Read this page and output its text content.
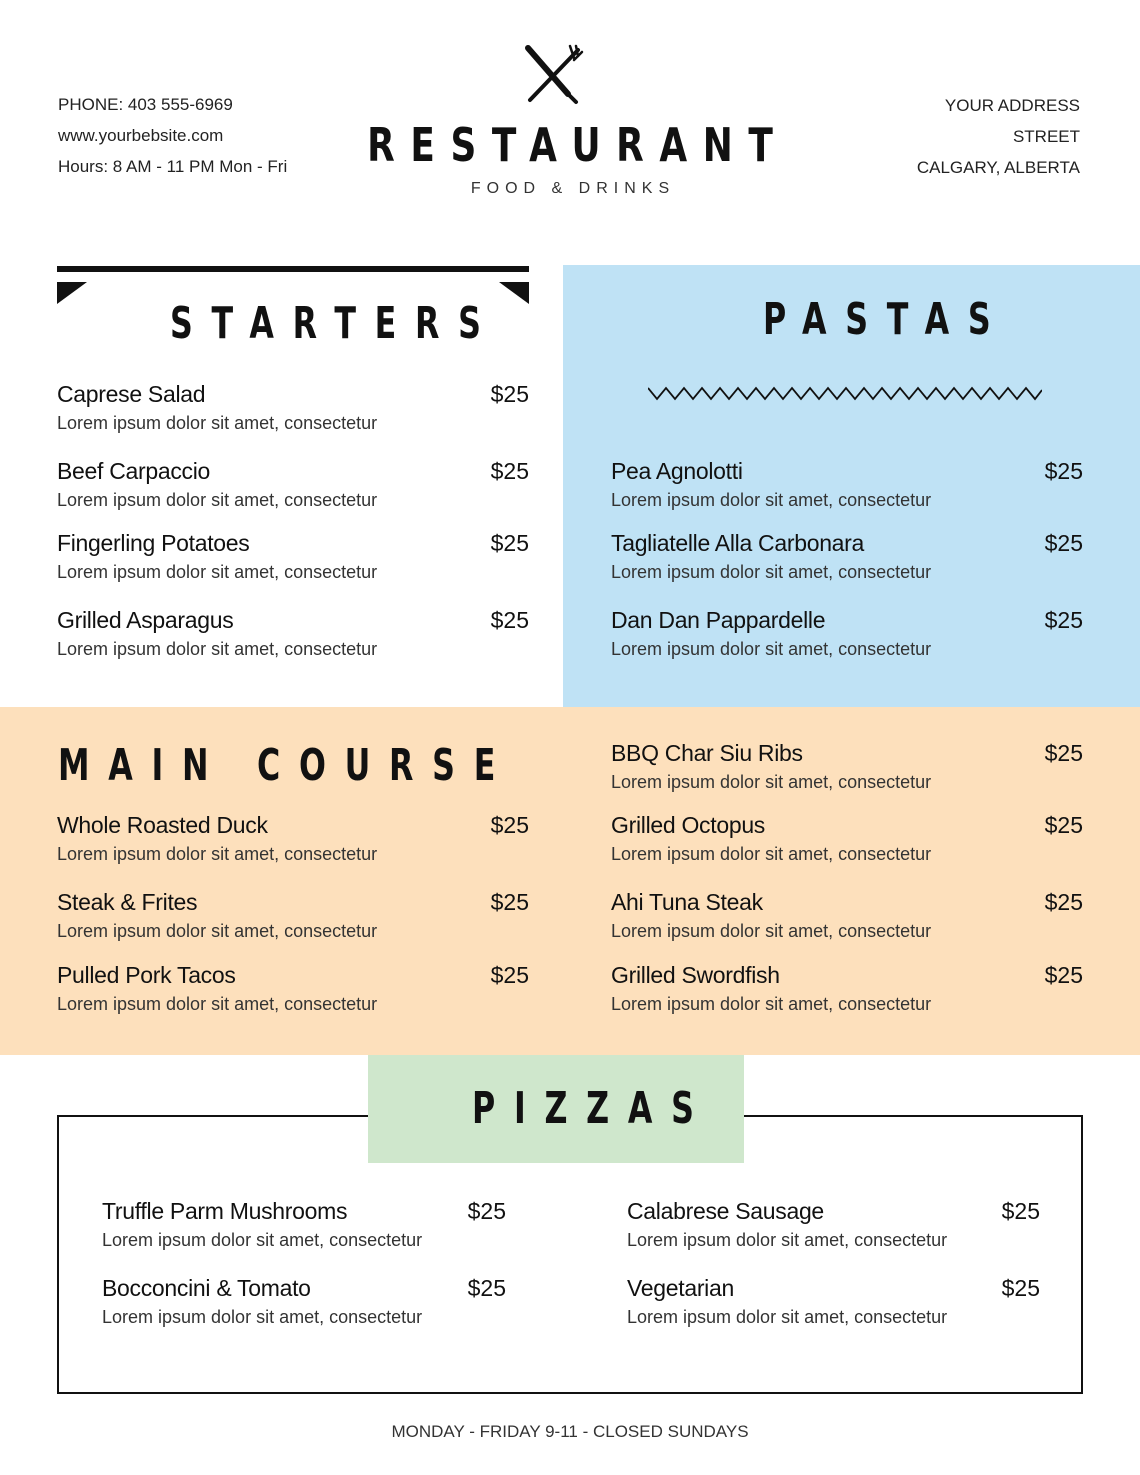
PHONE: 403 555-6969
www.yourbebsite.com
Hours: 8 AM - 11 PM Mon - Fri
YOUR ADDRESS
STREET
CALGARY, ALBERTA
RESTAURANT
FOOD & DRINKS
STARTERS
Caprese Salad	$25
Lorem ipsum dolor sit amet, consectetur
Beef Carpaccio	$25
Lorem ipsum dolor sit amet, consectetur
Fingerling Potatoes	$25
Lorem ipsum dolor sit amet, consectetur
Grilled Asparagus	$25
Lorem ipsum dolor sit amet, consectetur
PASTAS
Pea Agnolotti	$25
Lorem ipsum dolor sit amet, consectetur
Tagliatelle Alla Carbonara	$25
Lorem ipsum dolor sit amet, consectetur
Dan Dan Pappardelle	$25
Lorem ipsum dolor sit amet, consectetur
MAIN COURSE
Whole Roasted Duck	$25
Lorem ipsum dolor sit amet, consectetur
Steak & Frites	$25
Lorem ipsum dolor sit amet, consectetur
Pulled Pork Tacos	$25
Lorem ipsum dolor sit amet, consectetur
BBQ Char Siu Ribs	$25
Lorem ipsum dolor sit amet, consectetur
Grilled Octopus	$25
Lorem ipsum dolor sit amet, consectetur
Ahi Tuna Steak	$25
Lorem ipsum dolor sit amet, consectetur
Grilled Swordfish	$25
Lorem ipsum dolor sit amet, consectetur
PIZZAS
Truffle Parm Mushrooms	$25
Lorem ipsum dolor sit amet, consectetur
Bocconcini & Tomato	$25
Lorem ipsum dolor sit amet, consectetur
Calabrese Sausage	$25
Lorem ipsum dolor sit amet, consectetur
Vegetarian	$25
Lorem ipsum dolor sit amet, consectetur
MONDAY - FRIDAY 9-11 - CLOSED SUNDAYS
